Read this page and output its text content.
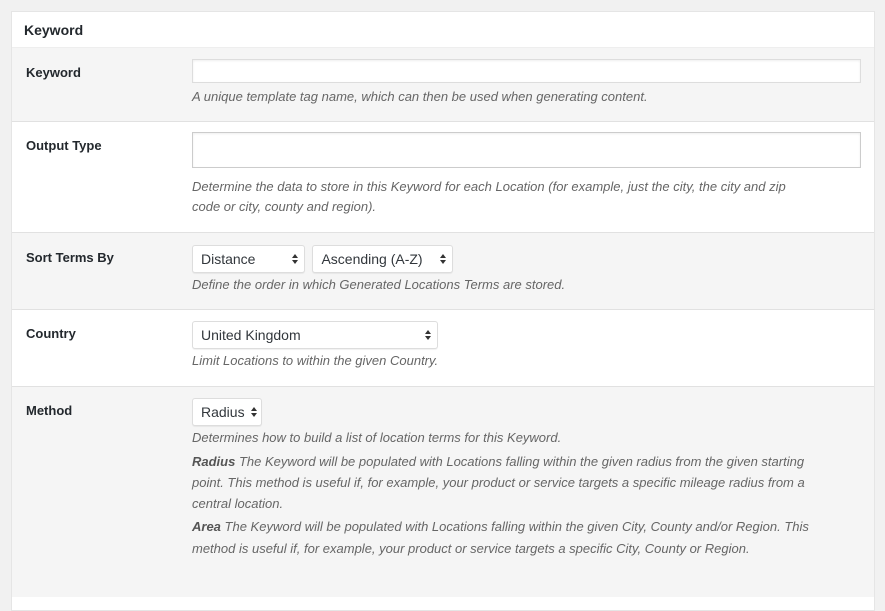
Keyword
Keyword

A unique template tag name, which can then be used when generating content.

Output Type

Determine the data to store in this Keyword for each Location (for example, just the city, the city and zip
code or city, county and region).

Sort Terms By	Distance
	Ascending (A-Z)

Define the order in which Generated Locations Terms are stored.

Country	United Kingdom

Limit Locations to within the given Country.

Method	Radius

Determines how to build a list of location terms for this Keyword.

Radius The Keyword will be populated with Locations falling within the given radius from the given starting
point. This method is useful if, for example, your product or service targets a specific mileage radius from a
central location.

Area The Keyword will be populated with Locations falling within the given City, County and/or Region. This
method is useful if, for example, your product or service targets a specific City, County or Region.
